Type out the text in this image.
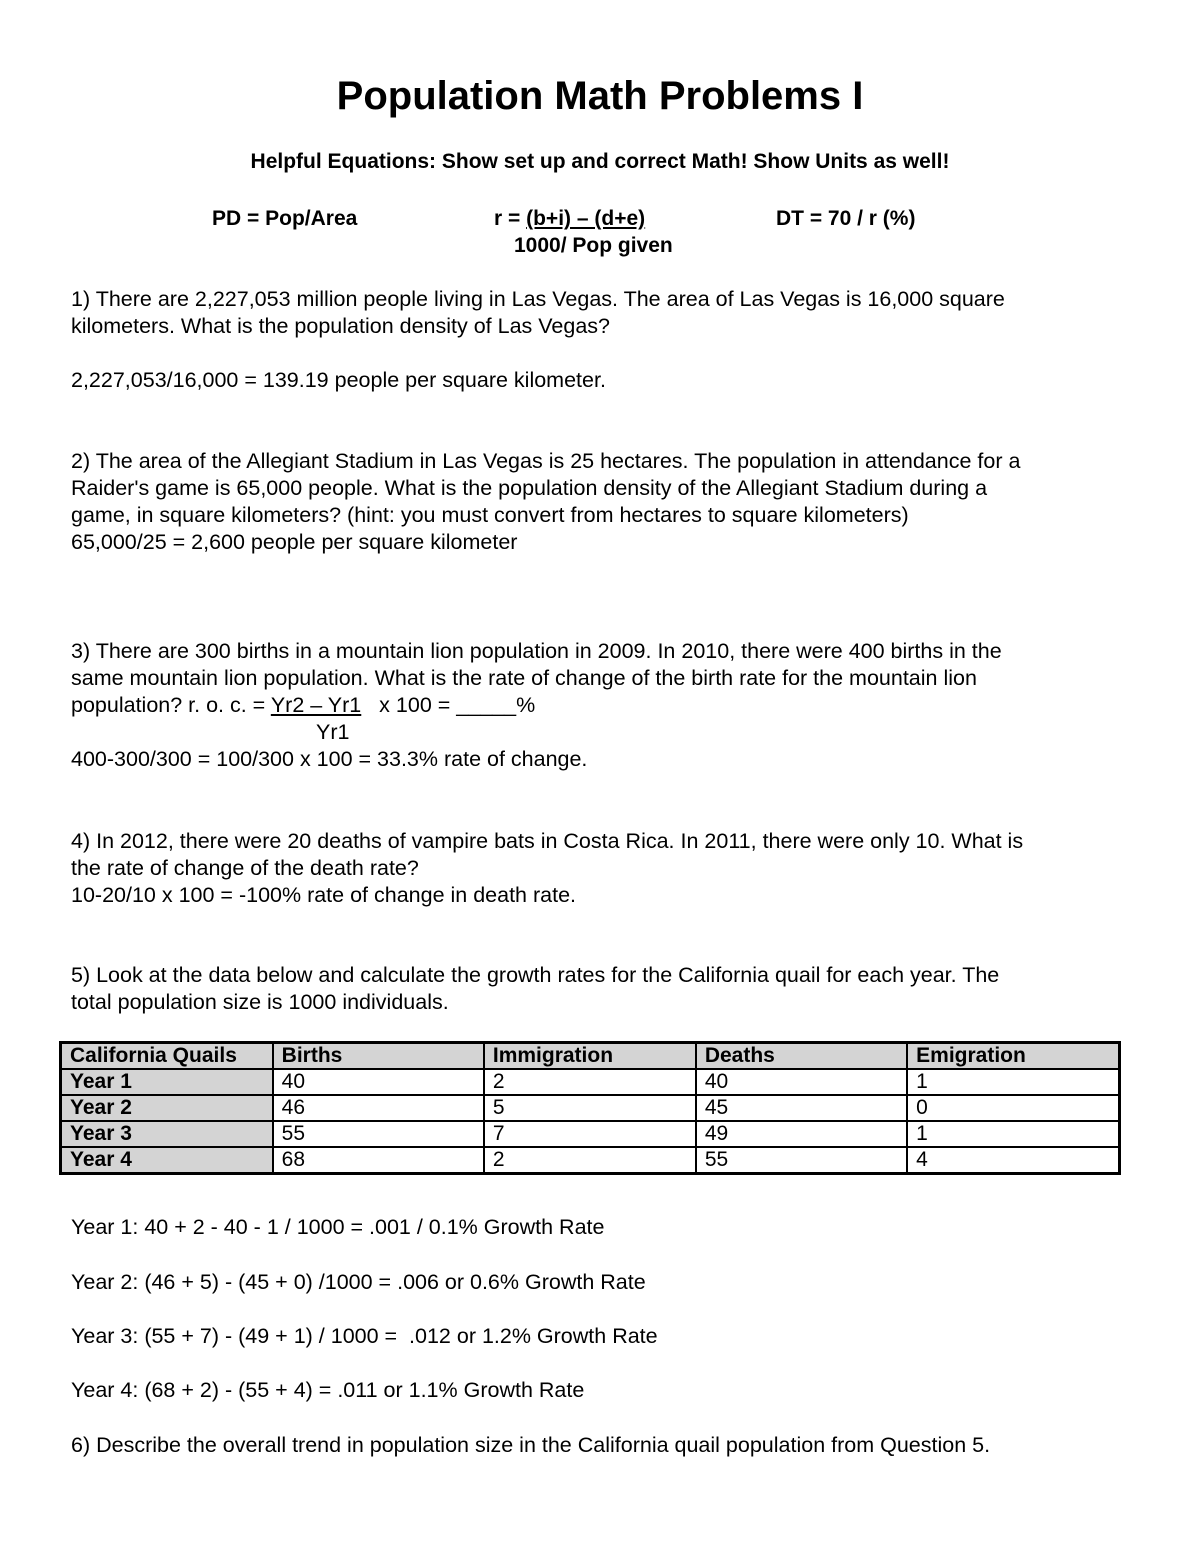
Population Math Problems I
Helpful Equations: Show set up and correct Math! Show Units as well!
PD = Pop/Area	r = (b+i) – (d+e)
1000/ Pop given
DT = 70 / r (%)
1) There are 2,227,053 million people living in Las Vegas. The area of Las Vegas is 16,000 square
kilometers. What is the population density of Las Vegas?
2,227,053/16,000 = 139.19 people per square kilometer.
2) The area of the Allegiant Stadium in Las Vegas is 25 hectares. The population in attendance for a
Raider's game is 65,000 people. What is the population density of the Allegiant Stadium during a
game, in square kilometers? (hint: you must convert from hectares to square kilometers)
65,000/25 = 2,600 people per square kilometer
3) There are 300 births in a mountain lion population in 2009. In 2010, there were 400 births in the
same mountain lion population. What is the rate of change of the birth rate for the mountain lion
population? r. o. c. = Yr2 – Yr1   x 100 = _____%
Yr1
400-300/300 = 100/300 x 100 = 33.3% rate of change.
4) In 2012, there were 20 deaths of vampire bats in Costa Rica. In 2011, there were only 10. What is
the rate of change of the death rate?
10-20/10 x 100 = -100% rate of change in death rate.
5) Look at the data below and calculate the growth rates for the California quail for each year. The
total population size is 1000 individuals.
California Quails	Births	Immigration	Deaths	Emigration
Year 1	40	2	40	1
Year 2	46	5	45	0
Year 3	55	7	49	1
Year 4	68	2	55	4
Year 1: 40 + 2 - 40 - 1 / 1000 = .001 / 0.1% Growth Rate
Year 2: (46 + 5) - (45 + 0) /1000 = .006 or 0.6% Growth Rate
Year 3: (55 + 7) - (49 + 1) / 1000 =  .012 or 1.2% Growth Rate
Year 4: (68 + 2) - (55 + 4) = .011 or 1.1% Growth Rate
6) Describe the overall trend in population size in the California quail population from Question 5.
